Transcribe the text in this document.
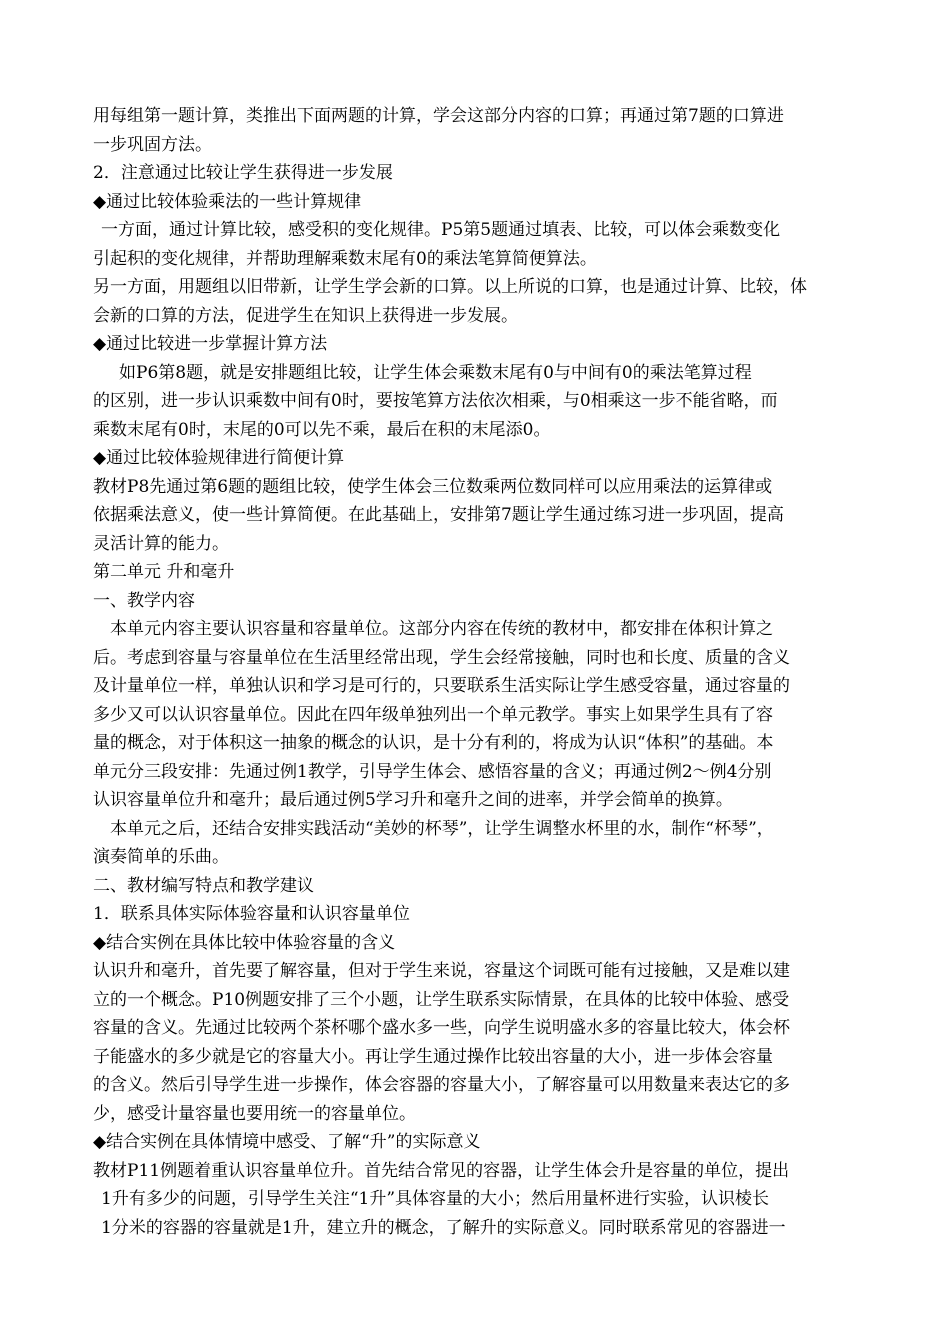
用每组第一题计算，类推出下面两题的计算，学会这部分内容的口算；再通过第7题的口算进
一步巩固方法。
2．注意通过比较让学生获得进一步发展
◆通过比较体验乘法的一些计算规律
一方面，通过计算比较，感受积的变化规律。P5第5题通过填表、比较，可以体会乘数变化
引起积的变化规律，并帮助理解乘数末尾有0的乘法笔算简便算法。
另一方面，用题组以旧带新，让学生学会新的口算。以上所说的口算，也是通过计算、比较，体
会新的口算的方法，促进学生在知识上获得进一步发展。
◆通过比较进一步掌握计算方法
如P6第8题，就是安排题组比较，让学生体会乘数末尾有0与中间有0的乘法笔算过程
的区别，进一步认识乘数中间有0时，要按笔算方法依次相乘，与0相乘这一步不能省略，而
乘数末尾有0时，末尾的0可以先不乘，最后在积的末尾添0。
◆通过比较体验规律进行简便计算
教材P8先通过第6题的题组比较，使学生体会三位数乘两位数同样可以应用乘法的运算律或
依据乘法意义，使一些计算简便。在此基础上，安排第7题让学生通过练习进一步巩固，提高
灵活计算的能力。
第二单元 升和毫升
一、教学内容
本单元内容主要认识容量和容量单位。这部分内容在传统的教材中，都安排在体积计算之
后。考虑到容量与容量单位在生活里经常出现，学生会经常接触，同时也和长度、质量的含义
及计量单位一样，单独认识和学习是可行的，只要联系生活实际让学生感受容量，通过容量的
多少又可以认识容量单位。因此在四年级单独列出一个单元教学。事实上如果学生具有了容
量的概念，对于体积这一抽象的概念的认识，是十分有利的，将成为认识“体积”的基础。本
单元分三段安排：先通过例1教学，引导学生体会、感悟容量的含义；再通过例2～例4分别
认识容量单位升和毫升；最后通过例5学习升和毫升之间的进率，并学会简单的换算。
本单元之后，还结合安排实践活动“美妙的杯琴”，让学生调整水杯里的水，制作“杯琴”，
演奏简单的乐曲。
二、教材编写特点和教学建议
1．联系具体实际体验容量和认识容量单位
◆结合实例在具体比较中体验容量的含义
认识升和毫升，首先要了解容量，但对于学生来说，容量这个词既可能有过接触，又是难以建
立的一个概念。P10例题安排了三个小题，让学生联系实际情景，在具体的比较中体验、感受
容量的含义。先通过比较两个茶杯哪个盛水多一些，向学生说明盛水多的容量比较大，体会杯
子能盛水的多少就是它的容量大小。再让学生通过操作比较出容量的大小，进一步体会容量
的含义。然后引导学生进一步操作，体会容器的容量大小，了解容量可以用数量来表达它的多
少，感受计量容量也要用统一的容量单位。
◆结合实例在具体情境中感受、了解“升”的实际意义
教材P11例题着重认识容量单位升。首先结合常见的容器，让学生体会升是容量的单位，提出
1升有多少的问题，引导学生关注“1升”具体容量的大小；然后用量杯进行实验，认识棱长
1分米的容器的容量就是1升，建立升的概念，了解升的实际意义。同时联系常见的容器进一
